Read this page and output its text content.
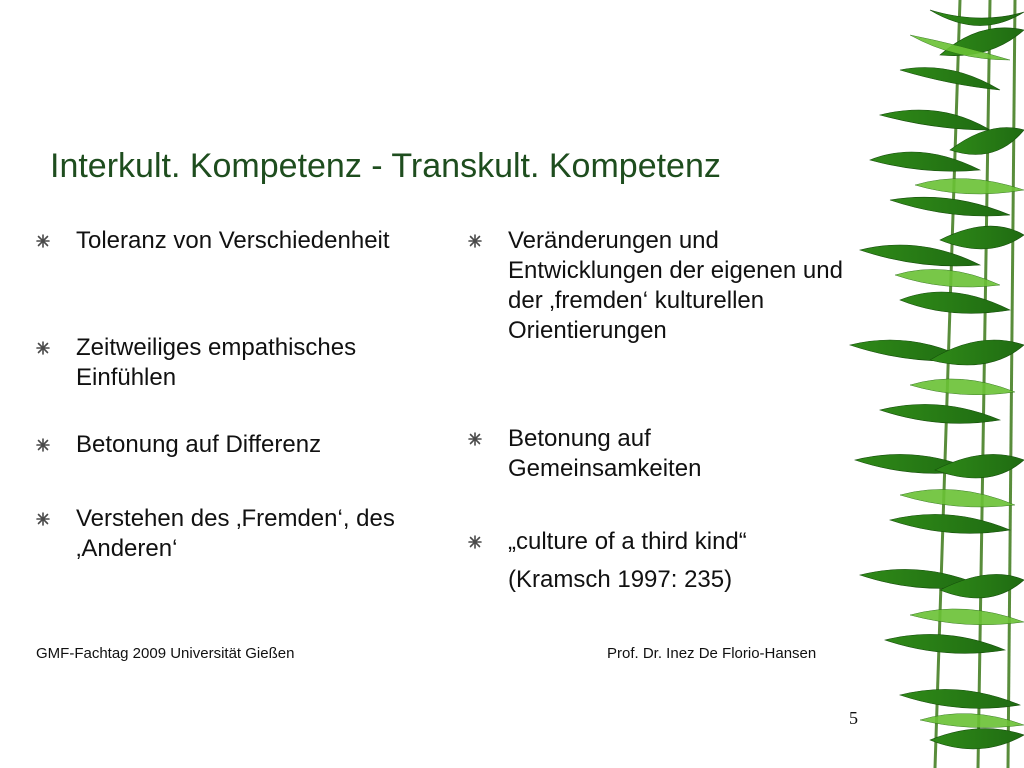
Interkult. Kompetenz - Transkult. Kompetenz
Toleranz von Verschiedenheit
Zeitweiliges empathisches Einfühlen
Betonung auf Differenz
Verstehen des ‚Fremden‘, des ‚Anderen‘
Veränderungen und Entwicklungen der eigenen und der ‚fremden‘ kulturellen Orientierungen
Betonung auf Gemeinsamkeiten
„culture of a third kind“
(Kramsch 1997: 235)
GMF-Fachtag 2009 Universität Gießen	Prof. Dr. Inez De Florio-Hansen
5
